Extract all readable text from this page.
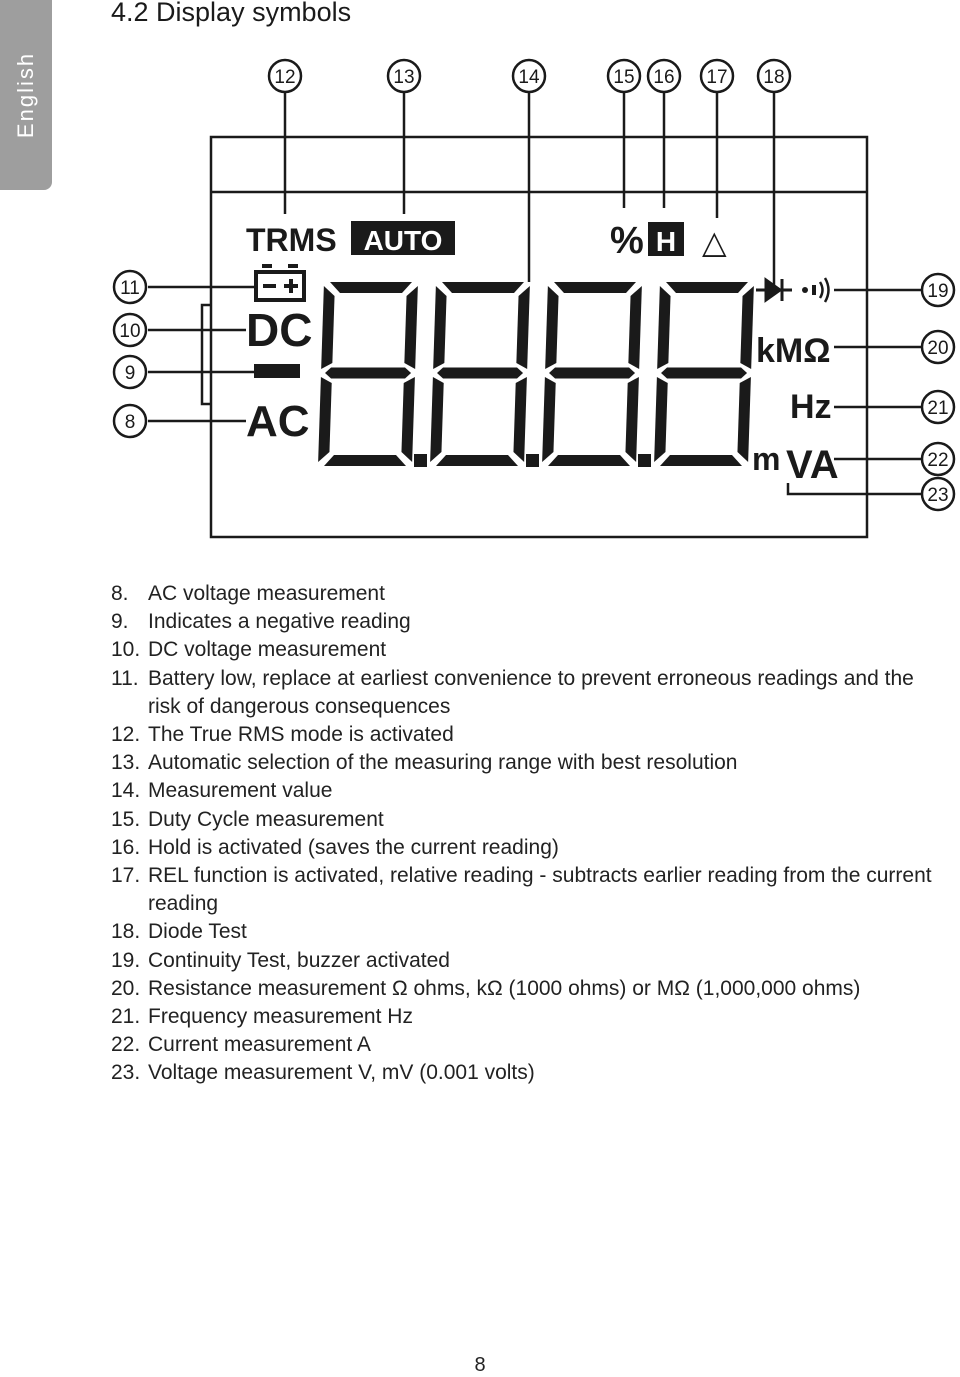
English
4.2 Display symbols
12	13	14	15 16 17 18
11
10
9
8
19
20
21
22
23
TRMS AUTO	% H △
DC
AC
kMΩ
Hz
m VA
8. AC voltage measurement
9. Indicates a negative reading
10. DC voltage measurement
11. Battery low, replace at earliest convenience to prevent erroneous readings and the risk of dangerous consequences
12. The True RMS mode is activated
13. Automatic selection of the measuring range with best resolution
14. Measurement value
15. Duty Cycle measurement
16. Hold is activated (saves the current reading)
17. REL function is activated, relative reading - subtracts earlier reading from the current reading
18. Diode Test
19. Continuity Test, buzzer activated
20. Resistance measurement Ω ohms, kΩ (1000 ohms) or MΩ (1,000,000 ohms)
21. Frequency measurement Hz
22. Current measurement A
23. Voltage measurement V, mV (0.001 volts)
8
